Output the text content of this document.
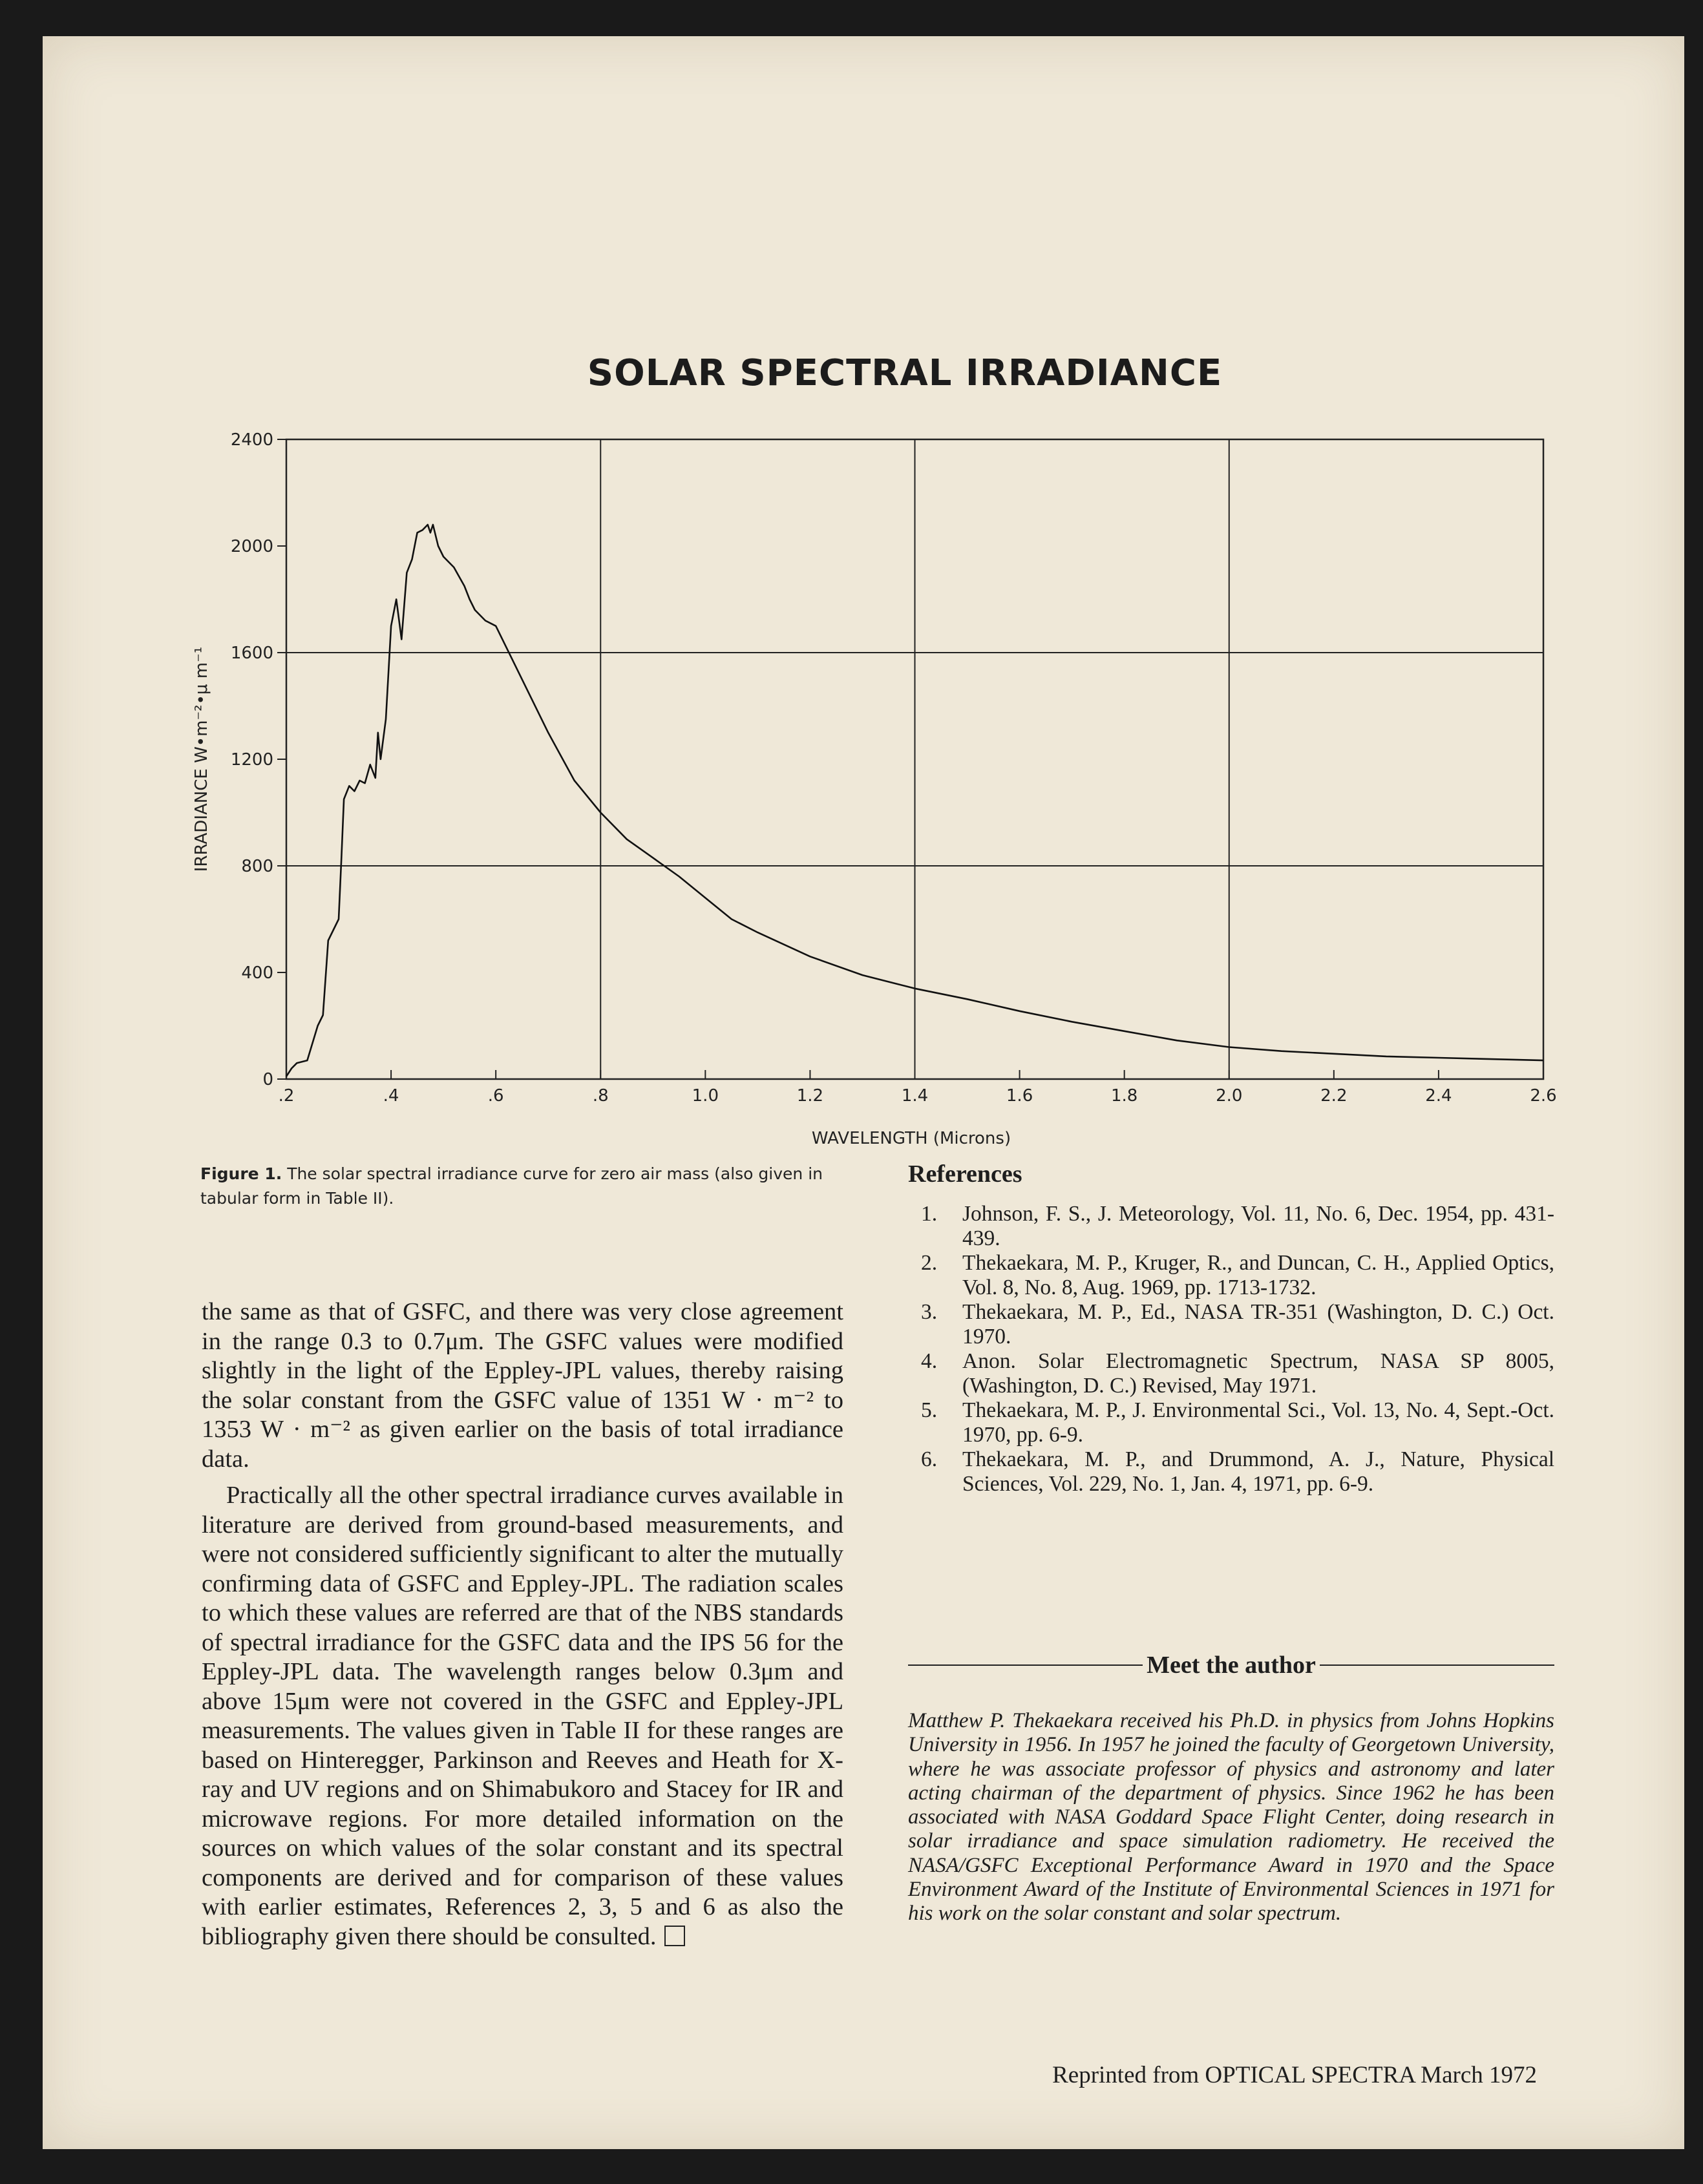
SOLAR SPECTRAL IRRADIANCE
0
400
800
1200
1600
2000
2400
.2	.4	.6	.8	1.0	1.2	1.4	1.6	1.8	2.0	2.2	2.4	2.6
IRRADIANCE W•m⁻²•μ m⁻¹
WAVELENGTH (Microns)
Figure 1. The solar spectral irradiance curve for zero air mass (also given in tabular form in Table II).

the same as that of GSFC, and there was very close agreement in the range 0.3 to 0.7μm. The GSFC values were modified slightly in the light of the Eppley-JPL values, thereby raising the solar constant from the GSFC value of 1351 W · m⁻² to 1353 W · m⁻² as given earlier on the basis of total irradiance data.

Practically all the other spectral irradiance curves available in literature are derived from ground-based measurements, and were not considered sufficiently significant to alter the mutually confirming data of GSFC and Eppley-JPL. The radiation scales to which these values are referred are that of the NBS standards of spectral irradiance for the GSFC data and the IPS 56 for the Eppley-JPL data. The wavelength ranges below 0.3μm and above 15μm were not covered in the GSFC and Eppley-JPL measurements. The values given in Table II for these ranges are based on Hinteregger, Parkinson and Reeves and Heath for X-ray and UV regions and on Shimabukoro and Stacey for IR and microwave regions. For more detailed information on the sources on which values of the solar constant and its spectral components are derived and for comparison of these values with earlier estimates, References 2, 3, 5 and 6 as also the bibliography given there should be consulted.

References
1. Johnson, F. S., J. Meteorology, Vol. 11, No. 6, Dec. 1954, pp. 431-439.
2. Thekaekara, M. P., Kruger, R., and Duncan, C. H., Applied Optics, Vol. 8, No. 8, Aug. 1969, pp. 1713-1732.
3. Thekaekara, M. P., Ed., NASA TR-351 (Washington, D. C.) Oct. 1970.
4. Anon. Solar Electromagnetic Spectrum, NASA SP 8005, (Washington, D. C.) Revised, May 1971.
5. Thekaekara, M. P., J. Environmental Sci., Vol. 13, No. 4, Sept.-Oct. 1970, pp. 6-9.
6. Thekaekara, M. P., and Drummond, A. J., Nature, Physical Sciences, Vol. 229, No. 1, Jan. 4, 1971, pp. 6-9.
Meet the author

Matthew P. Thekaekara received his Ph.D. in physics from Johns Hopkins University in 1956. In 1957 he joined the faculty of Georgetown University, where he was associate professor of physics and astronomy and later acting chairman of the department of physics. Since 1962 he has been associated with NASA Goddard Space Flight Center, doing research in solar irradiance and space simulation radiometry. He received the NASA/GSFC Exceptional Performance Award in 1970 and the Space Environment Award of the Institute of Environmental Sciences in 1971 for his work on the solar constant and solar spectrum.

Reprinted from OPTICAL SPECTRA March 1972
